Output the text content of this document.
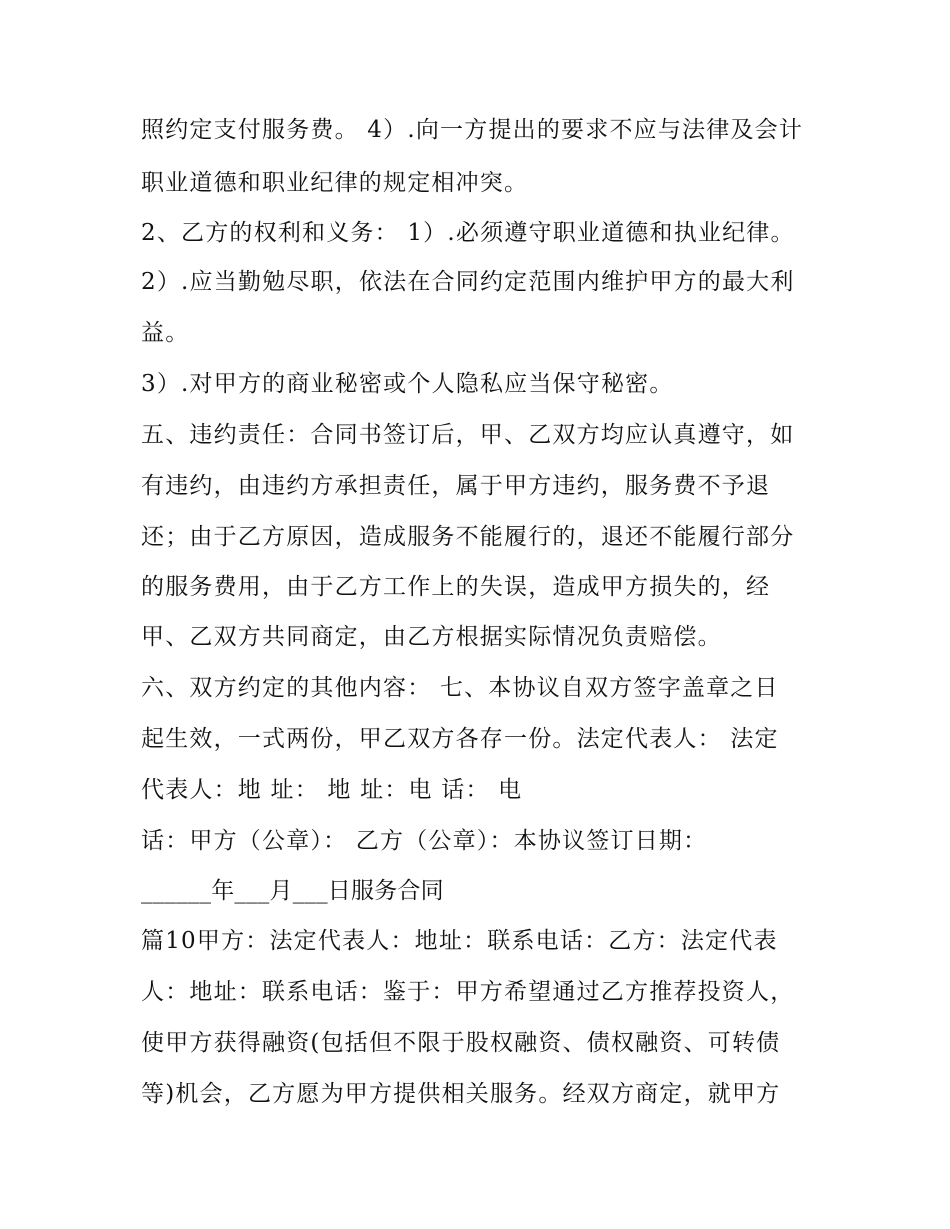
照约定支付服务费。 4）.向一方提出的要求不应与法律及会计
职业道德和职业纪律的规定相冲突。
2、乙方的权利和义务： 1）.必须遵守职业道德和执业纪律。
2）.应当勤勉尽职，依法在合同约定范围内维护甲方的最大利
益。
3）.对甲方的商业秘密或个人隐私应当保守秘密。
五、违约责任：合同书签订后，甲、乙双方均应认真遵守，如
有违约，由违约方承担责任，属于甲方违约，服务费不予退
还；由于乙方原因，造成服务不能履行的，退还不能履行部分
的服务费用，由于乙方工作上的失误，造成甲方损失的，经
甲、乙双方共同商定，由乙方根据实际情况负责赔偿。
六、双方约定的其他内容： 七、本协议自双方签字盖章之日
起生效，一式两份，甲乙双方各存一份。法定代表人： 法定
代表人：地 址： 地 址：电 话： 电
话：甲方（公章）： 乙方（公章）：本协议签订日期：
______年___月___日服务合同
篇10甲方：法定代表人：地址：联系电话：乙方：法定代表
人：地址：联系电话：鉴于：甲方希望通过乙方推荐投资人，
使甲方获得融资(包括但不限于股权融资、债权融资、可转债
等)机会，乙方愿为甲方提供相关服务。经双方商定，就甲方
